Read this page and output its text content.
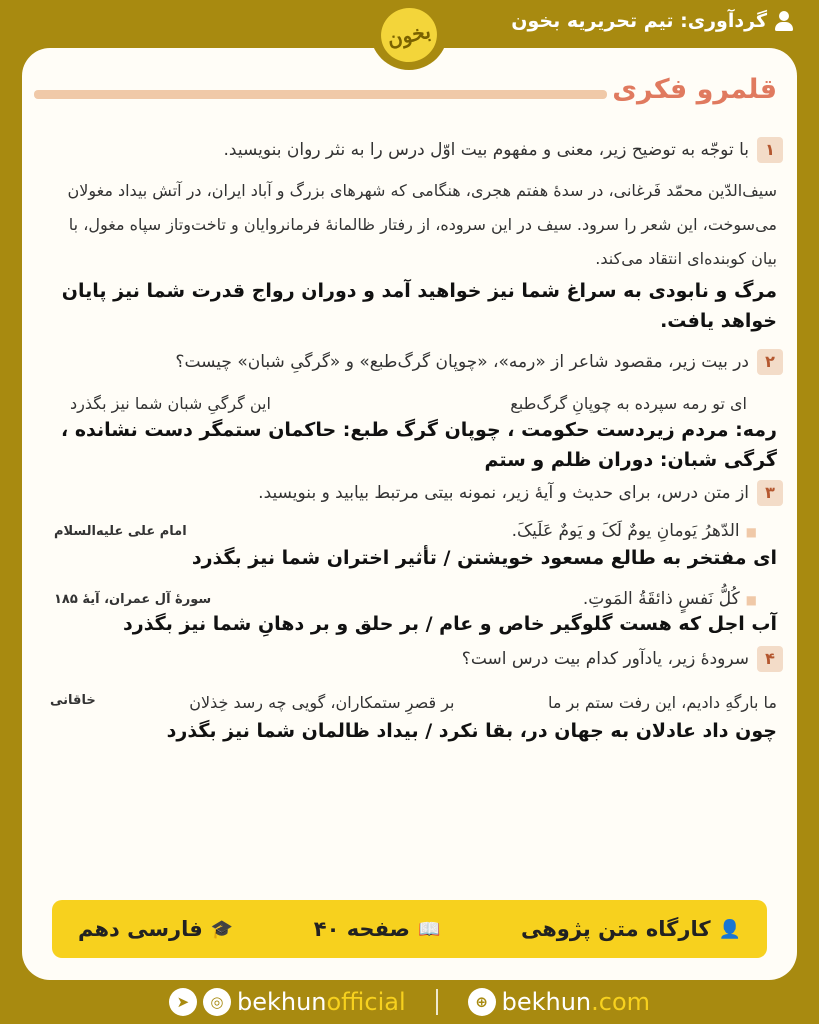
گردآوری: تیم تحریریه بخون
بخون
قلمرو فکری
۱
با توجّه به توضیح زیر، معنی و مفهوم بیت اوّل درس را به نثر روان بنویسید.
سیف‌الدّین محمّد فَرغانی، در سدهٔ هفتم هجری، هنگامی که شهرهای بزرگ و آباد ایران، در آتش بیداد مغولان می‌سوخت، این شعر را سرود. سیف در این سروده، از رفتار ظالمانهٔ فرمانروایان و تاخت‌وتاز سپاه مغول، با بیان کوبنده‌ای انتقاد می‌کند.
مرگ و نابودی به سراغ شما نیز خواهید آمد و دوران رواج قدرت شما نیز پایان خواهد یافت.
۲
در بیت زیر، مقصود شاعر از «رمه»، «چوپان گرگ‌طبع» و «گرگیِ شبان» چیست؟
ای تو رمه سپرده به چوپانِ گرگ‌طبع
این گرگیِ شبان شما نیز بگذرد
رمه: مردم زیردست حکومت ، چوپان گرگ طبع: حاکمان ستمگر دست نشانده ،
گرگی شبان: دوران ظلم و ستم
۳
از متن درس، برای حدیث و آیهٔ زیر، نمونه بیتی مرتبط بیابید و بنویسید.
■ الدّهرُ یَومانِ یومٌ لَکَ و یَومٌ عَلَیکَ.
امام علی علیه‌السلام
ای مفتخر به طالع مسعود خویشتن / تأثیر اختران شما نیز بگذرد
■ کُلُّ نَفسٍ ذائقَةُ المَوتِ.
سورهٔ آل عمران، آیهٔ ۱۸۵
آب اجل که هست گلوگیر خاص و عام / بر حلق و بر دهانِ شما نیز بگذرد
۴
سرودهٔ زیر، یادآور کدام بیت درس است؟
ما بارگهِ دادیم، این رفت ستم بر ما
بر قصرِ ستمکاران، گویی چه رسد خِذلان
خاقانی
چون داد عادلان به جهان در، بقا نکرد / بیداد ظالمان شما نیز بگذرد
👤
کارگاه متن پژوهی
📖
صفحه ۴۰
🎓
فارسی دهم
➤	◎ bekhunofficial	⊕ bekhun.com
